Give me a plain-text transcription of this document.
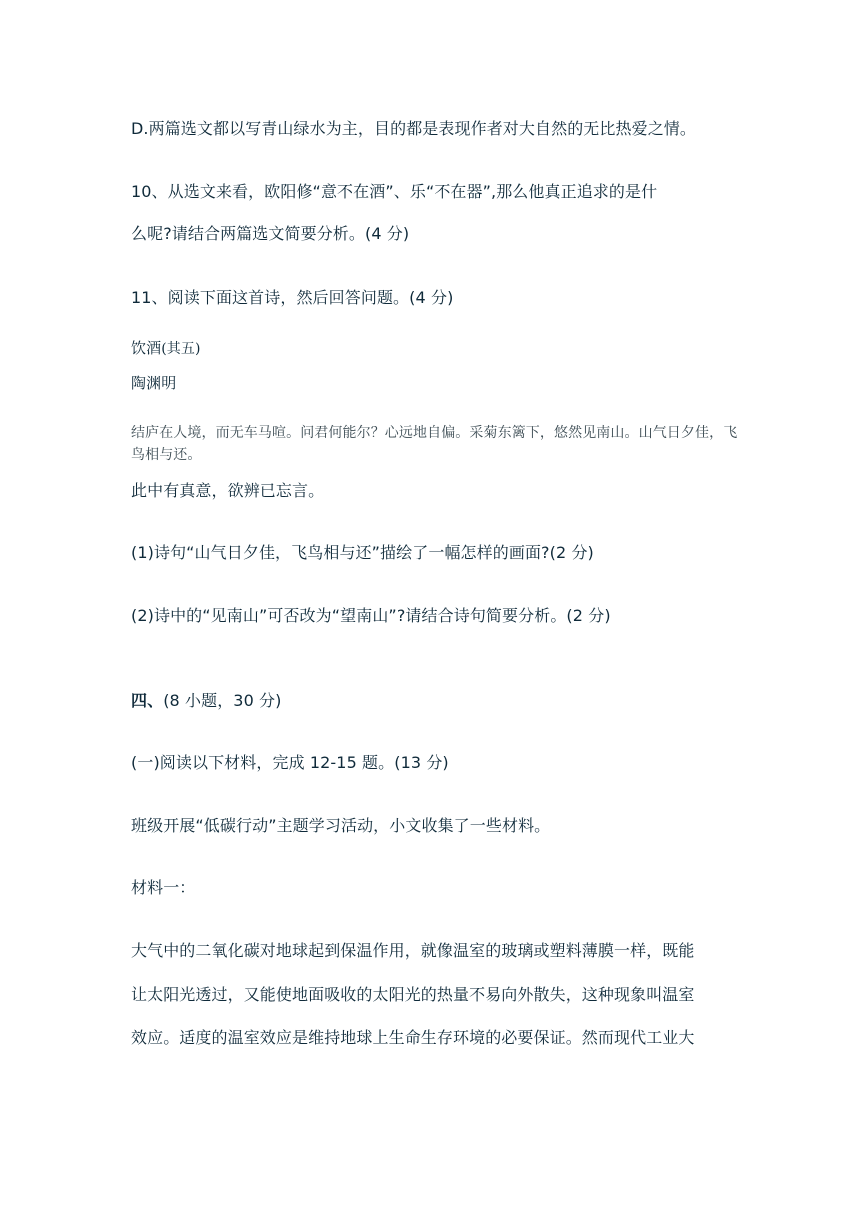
D.两篇选文都以写青山绿水为主，目的都是表现作者对大自然的无比热爱之情。
10、从选文来看，欧阳修“意不在酒”、乐“不在器”,那么他真正追求的是什
么呢?请结合两篇选文简要分析。(4 分)
11、阅读下面这首诗，然后回答问题。(4 分)
饮酒(其五)
陶渊明
结庐在人境，而无车马喧。问君何能尔？心远地自偏。采菊东篱下，悠然见南山。山气日夕佳，飞鸟相与还。
此中有真意，欲辨已忘言。
(1)诗句“山气日夕佳，飞鸟相与还”描绘了一幅怎样的画面?(2 分)
(2)诗中的“见南山”可否改为“望南山”?请结合诗句简要分析。(2 分)
四、(8 小题，30 分)
(一)阅读以下材料，完成 12-15 题。(13 分)
班级开展“低碳行动”主题学习活动，小文收集了一些材料。
材料一：
大气中的二氧化碳对地球起到保温作用，就像温室的玻璃或塑料薄膜一样，既能
让太阳光透过，又能使地面吸收的太阳光的热量不易向外散失，这种现象叫温室
效应。适度的温室效应是维持地球上生命生存环境的必要保证。然而现代工业大
